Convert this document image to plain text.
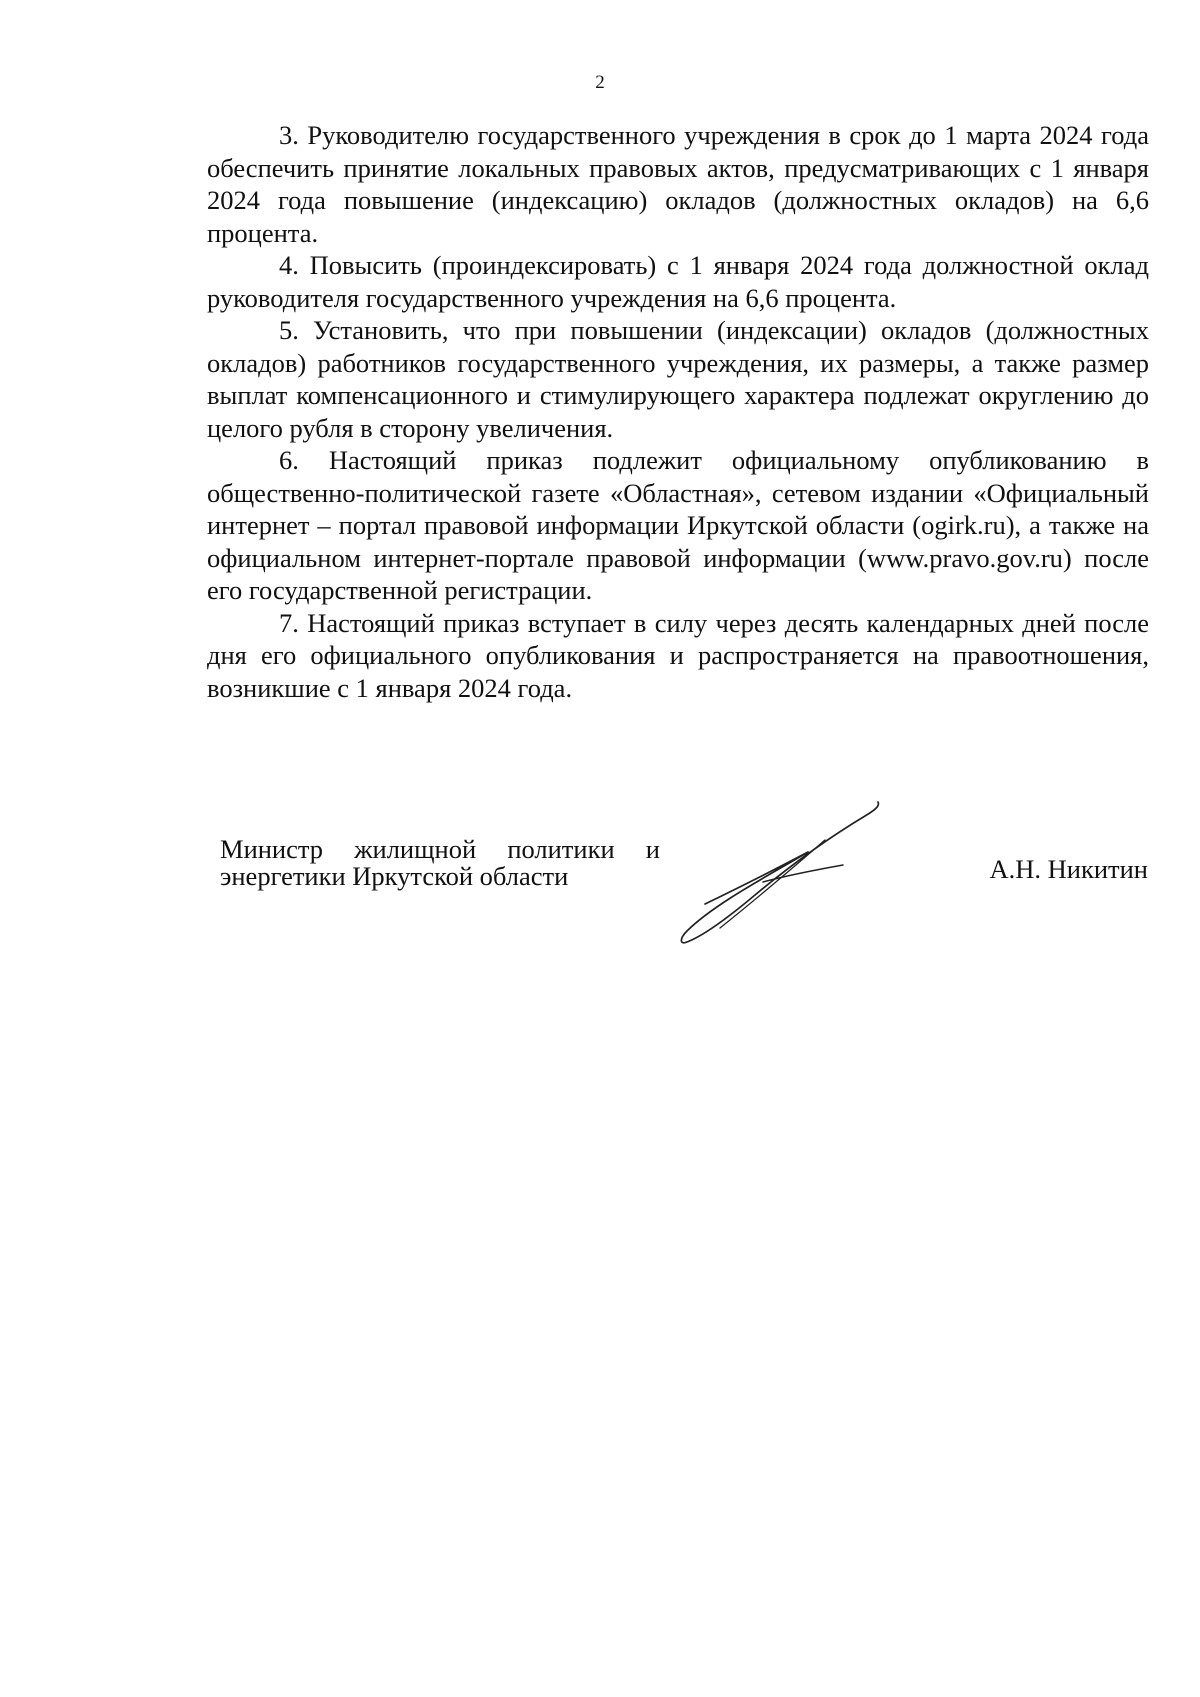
2

3. Руководителю государственного учреждения в срок до 1 марта 2024 года обеспечить принятие локальных правовых актов, предусматривающих с 1 января 2024 года повышение (индексацию) окладов (должностных окладов) на 6,6 процента.

4. Повысить (проиндексировать) с 1 января 2024 года должностной оклад руководителя государственного учреждения на 6,6 процента.

5. Установить, что при повышении (индексации) окладов (должностных окладов) работников государственного учреждения, их размеры, а также размер выплат компенсационного и стимулирующего характера подлежат округлению до целого рубля в сторону увеличения.

6. Настоящий приказ подлежит официальному опубликованию в общественно-политической газете «Областная», сетевом издании «Официальный интернет – портал правовой информации Иркутской области (ogirk.ru), а также на официальном интернет-портале правовой информации (www.pravo.gov.ru) после его государственной регистрации.

7. Настоящий приказ вступает в силу через десять календарных дней после дня его официального опубликования и распространяется на правоотношения, возникшие с 1 января 2024 года.

Министр жилищной политики и
энергетики Иркутской области	А.Н. Никитин
